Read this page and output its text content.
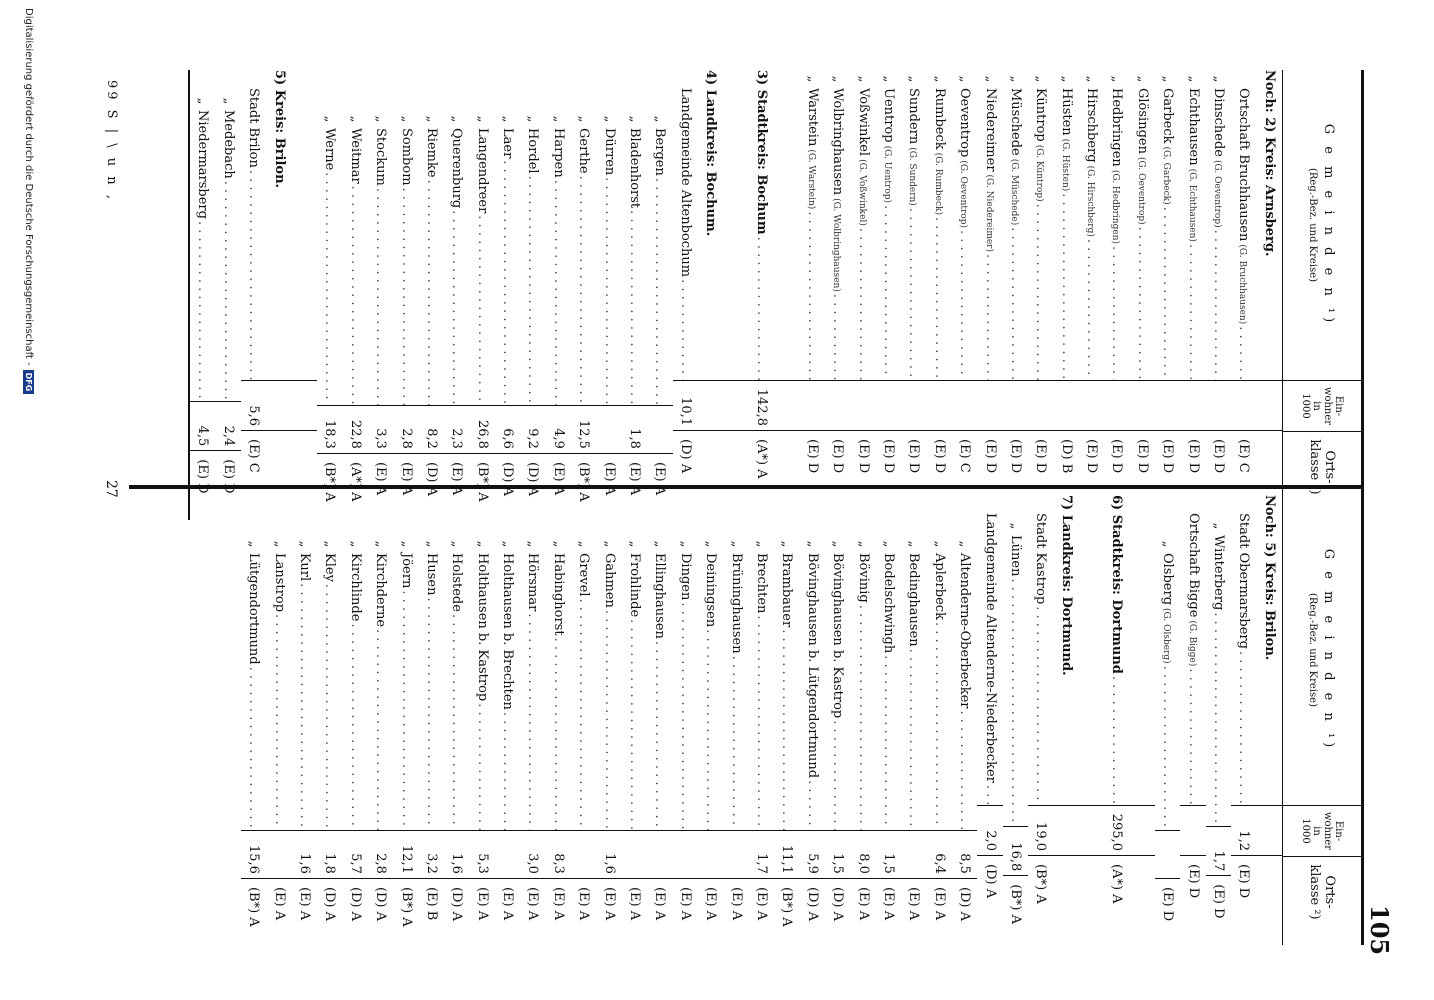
105
G e m e i n d e n ¹)
(Reg.-Bez. und Kreise)
Ein-
wohner
in
1000
Orts-
klasse ²)
Noch: 2) Kreis: Arnsberg.
Ortschaft Bruchhausen
(G. Bruchhausen)
. . .
(E) C
„
Dinschede
(G. Oeventrop)
. . .
(E) D
„
Echthausen
(G. Echthausen)
. . .
(E) D
„
Garbeck
(G. Garbeck)
. . .
(E) D
„
Glösingen
(G. Oeventrop)
. . .
(E) D
„
Hedbringen
(G. Hedbringen)
. . .
(E) D
„
Hirschberg
(G. Hirschberg)
. . .
(E) D
„
Hüsten
(G. Hüsten)
. . .
(D) B
„
Küntrop
(G. Küntrop)
. . .
(E) D
„
Müschede
(G. Müschede)
. . .
(E) D
„
Niedereimer
(G. Niedereimer)
. . .
(E) D
„
Oeventrop
(G. Oeventrop)
. . .
(E) C
„
Rumbeck
(G. Rumbeck)
. . .
(E) D
„
Sundern
(G. Sundern)
. . .
(E) D
„
Uentrop
(G. Uentrop)
. . .
(E) D
„
Voßwinkel
(G. Voßwinkel)
. . .
(E) D
„
Wolbringhausen
(G. Wolbringhausen)
. . .
(E) D
„
Warstein
(G. Warstein)
. . .
(E) D
3) Stadtkreis: Bochum
. . .
142,8
(A*) A
4) Landkreis: Bochum.
Landgemeinde Altenbochum
. . .
10,1
(D) A
„
Bergen
. . .
(E) A
„
Bladenhorst
. . .
1,8
(E) A
„
Dürren
. . .
(E) A
„
Gerthe
. . .
12,5
(B*) A
„
Harpen
. . .
4,9
(E) A
„
Hordel
. . .
9,2
(D) A
„
Laer
. . .
6,6
(D) A
„
Langendreer
. . .
26,8
(B*) A
„
Querenburg
. . .
2,3
(E) A
„
Riemke
. . .
8,2
(D) A
„
Sombom
. . .
2,8
(E) A
„
Stockum
. . .
3,3
(E) A
„
Weitmar
. . .
22,8
(A*) A
„
Werne
. . .
18,3
(B*) A
5) Kreis: Brilon.
Stadt Brilon
. . .
5,6
(E) C
„
Medebach
. . .
2,4
(E) D
„
Niedermarsberg
. . .
4,5
(E) D
G e m e i n d e n ¹)
(Reg.-Bez. und Kreise)
Ein-
wohner
in
1000
Orts-
klasse ²)
Noch: 5) Kreis: Brilon.
Stadt Obermarsberg
. . .
1,2
(E) D
„
Winterberg
. . .
1,7
(E) D
Ortschaft Bigge
(G. Bigge)
. . .
(E) D
„
Olsberg
(G. Olsberg)
. . .
(E) D
6) Stadtkreis: Dortmund
. . .
295,0
(A*) A
7) Landkreis: Dortmund.
Stadt Kastrop
. . .
19,0
(B*) A
„
Lünen
. . .
16,8
(B*) A
Landgemeinde Altenderne-Niederbecker
. . .
2,0
(D) A
„
Altenderne-Oberbecker
. . .
8,5
(D) A
„
Aplerbeck
. . .
6,4
(E) A
„
Bedinghausen
. . .
(E) A
„
Bodelschwingh
. . .
1,5
(E) A
„
Bövinig
. . .
8,0
(E) A
„
Bövinghausen b. Kastrop
. . .
1,5
(D) A
„
Bövinghausen b. Lütgendortmund
. . .
5,9
(D) A
„
Brambauer
. . .
11,1
(B*) A
„
Brechten
. . .
1,7
(E) A
„
Brüninghausen
. . .
(E) A
„
Deiningsen
. . .
(E) A
„
Dingen
. . .
(E) A
„
Ellinghausen
. . .
(E) A
„
Frohlinde
. . .
(E) A
„
Gahmen
. . .
1,6
(E) A
„
Grevel
. . .
(E) A
„
Habinghorst
. . .
8,3
(E) A
„
Hörsmar
. . .
3,0
(E) A
„
Holthausen b. Brechten
. . .
(E) A
„
Holthausen b. Kastrop
. . .
5,3
(E) A
„
Holstede
. . .
1,6
(D) A
„
Husen
. . .
3,2
(E) B
„
Jöern
. . .
12,1
(B*) A
„
Kirchderne
. . .
2,8
(D) A
„
Kirchlinde
. . .
5,7
(D) A
„
Kley
. . .
1,8
(D) A
„
Kurl
. . .
1,6
(E) A
„
Lanstrop
. . .
(E) A
„
Lütgendortmund
. . .
15,6
(B*) A
99 S | \ u n ‚
27
Digitalisierung gefördert durch die Deutsche Forschungsgemeinschaft -
DFG
